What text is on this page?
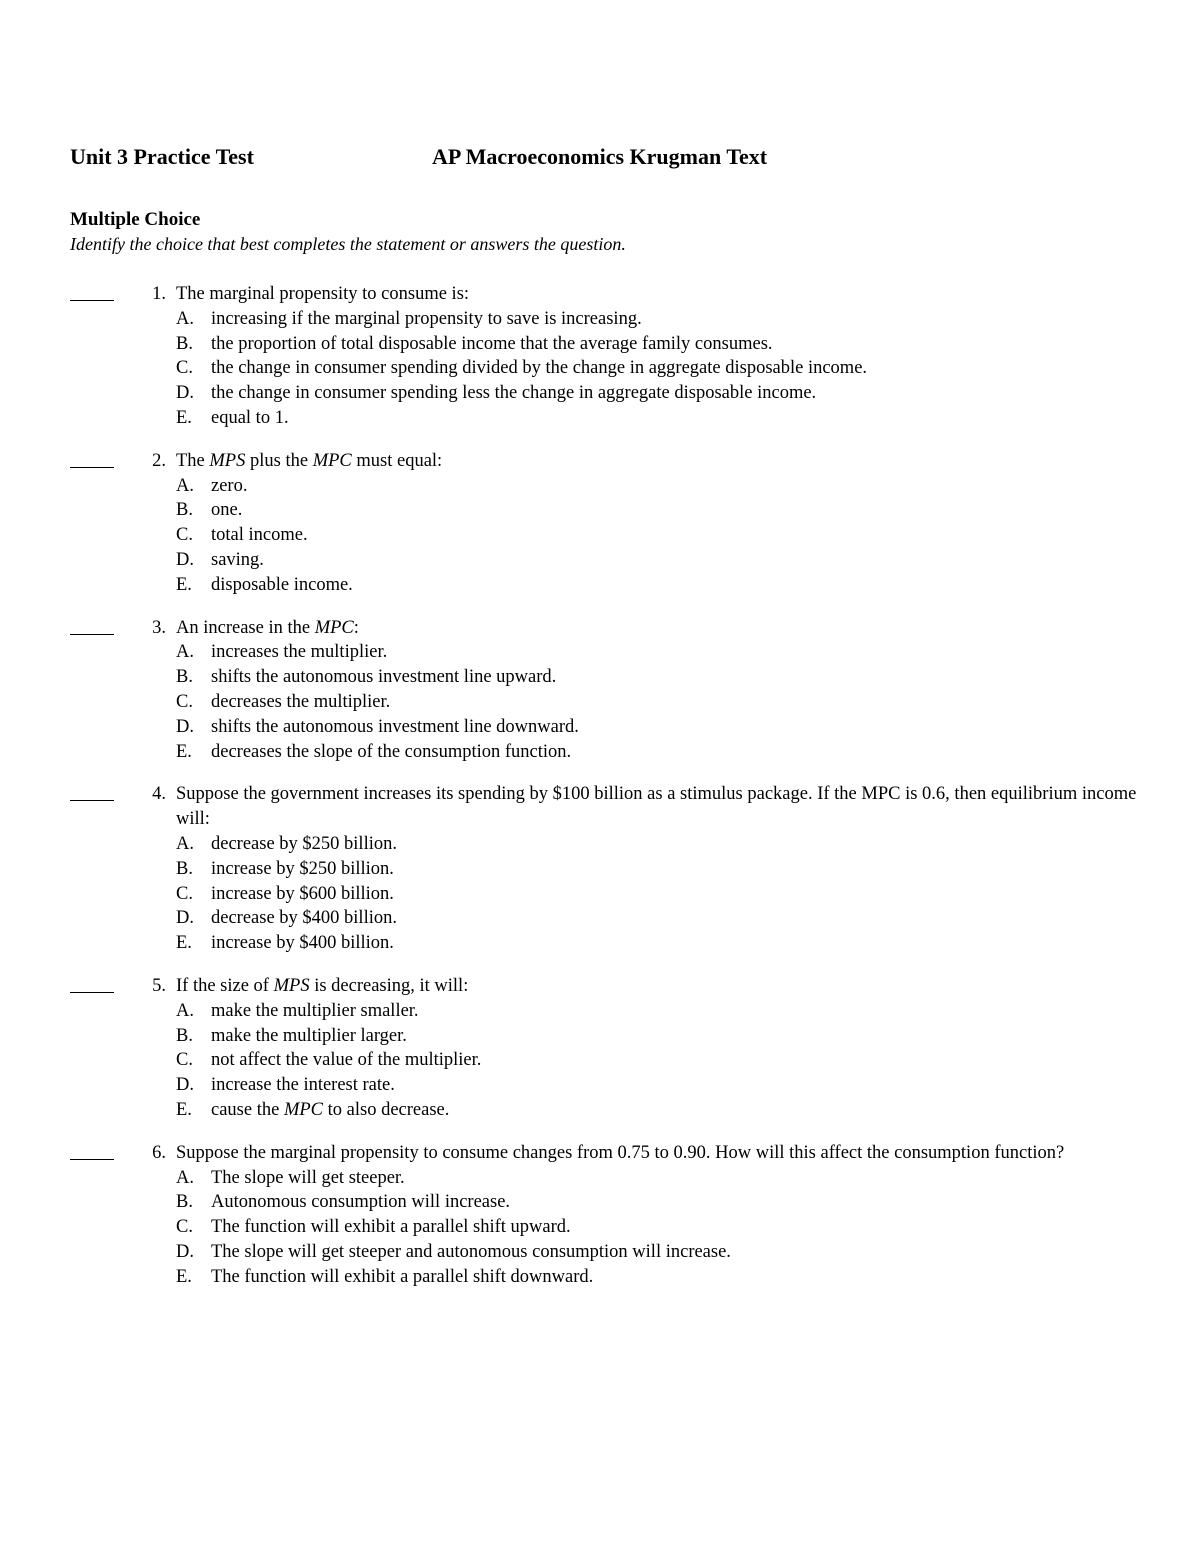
Unit 3 Practice Test	AP Macroeconomics Krugman Text
Multiple Choice
Identify the choice that best completes the statement or answers the question.
1. The marginal propensity to consume is:
A. increasing if the marginal propensity to save is increasing.
B. the proportion of total disposable income that the average family consumes.
C. the change in consumer spending divided by the change in aggregate disposable income.
D. the change in consumer spending less the change in aggregate disposable income.
E.	equal to 1.
2. The MPS plus the MPC must equal:
A. zero.
B. one.
C. total income.
D. saving.
E.	disposable income.
3. An increase in the MPC:
A. increases the multiplier.
B. shifts the autonomous investment line upward.
C. decreases the multiplier.
D. shifts the autonomous investment line downward.
E.	decreases the slope of the consumption function.
4. Suppose the government increases its spending by $100 billion as a stimulus package. If the MPC is 0.6, then equilibrium income will:
A. decrease by $250 billion.
B. increase by $250 billion.
C. increase by $600 billion.
D. decrease by $400 billion.
E.	increase by $400 billion.
5. If the size of MPS is decreasing, it will:
A. make the multiplier smaller.
B. make the multiplier larger.
C. not affect the value of the multiplier.
D. increase the interest rate.
E.	cause the MPC to also decrease.
6. Suppose the marginal propensity to consume changes from 0.75 to 0.90. How will this affect the consumption function?
A. The slope will get steeper.
B. Autonomous consumption will increase.
C. The function will exhibit a parallel shift upward.
D. The slope will get steeper and autonomous consumption will increase.
E.	The function will exhibit a parallel shift downward.
